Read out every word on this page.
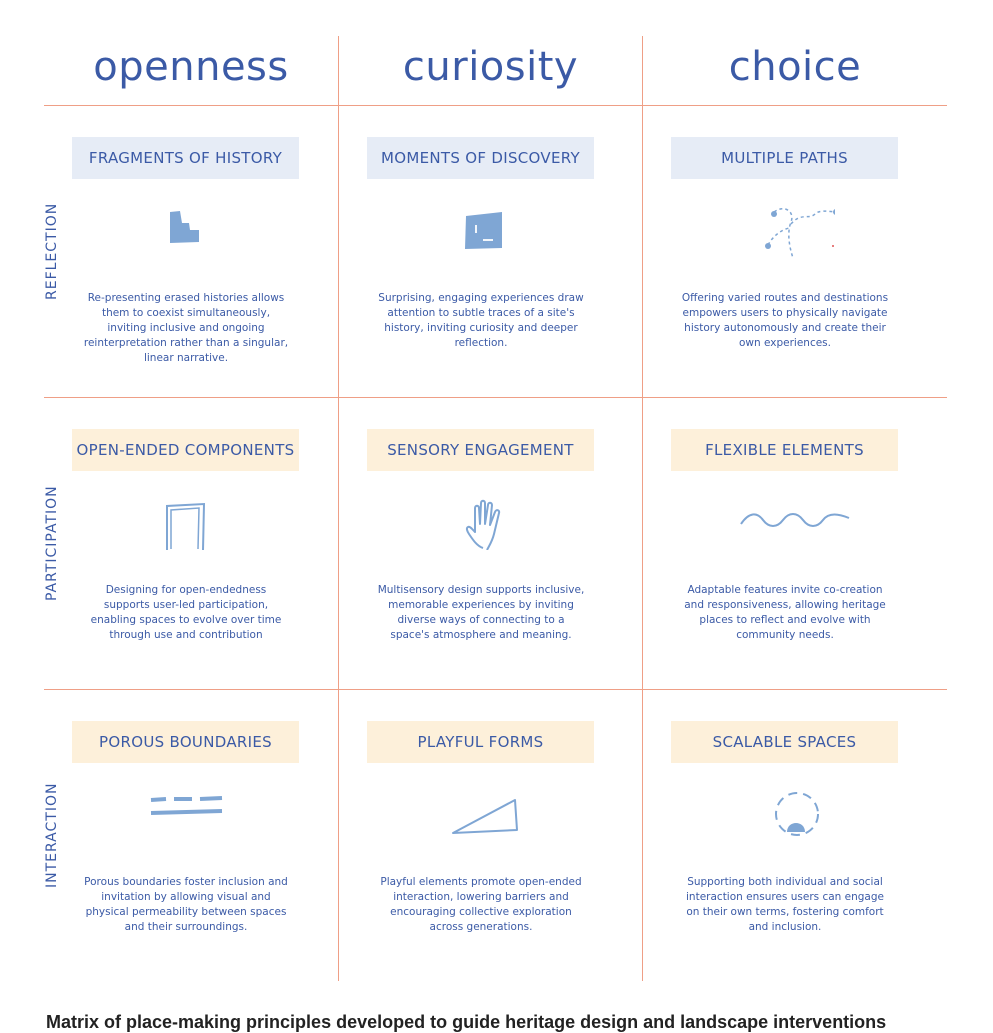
openness	curiosity	choice
REFLECTION
PARTICIPATION
INTERACTION
FRAGMENTS OF HISTORY
Re-presenting erased histories allows them to coexist simultaneously, inviting inclusive and ongoing reinterpretation rather than a singular, linear narrative.
MOMENTS OF DISCOVERY
Surprising, engaging experiences draw attention to subtle traces of a site's history, inviting curiosity and deeper reflection.
MULTIPLE PATHS
Offering varied routes and destinations empowers users to physically navigate history autonomously and create their own experiences.
OPEN-ENDED COMPONENTS
Designing for open-endedness supports user-led participation, enabling spaces to evolve over time through use and contribution
SENSORY ENGAGEMENT
Multisensory design supports inclusive, memorable experiences by inviting diverse ways of connecting to a space's atmosphere and meaning.
FLEXIBLE ELEMENTS
Adaptable features invite co-creation and responsiveness, allowing heritage places to reflect and evolve with community needs.
POROUS BOUNDARIES
Porous boundaries foster inclusion and invitation by allowing visual and physical permeability between spaces and their surroundings.
PLAYFUL FORMS
Playful elements promote open-ended interaction, lowering barriers and encouraging collective exploration across generations.
SCALABLE SPACES
Supporting both individual and social interaction ensures users can engage on their own terms, fostering comfort and inclusion.
Matrix of place-making principles developed to guide heritage design and landscape interventions
